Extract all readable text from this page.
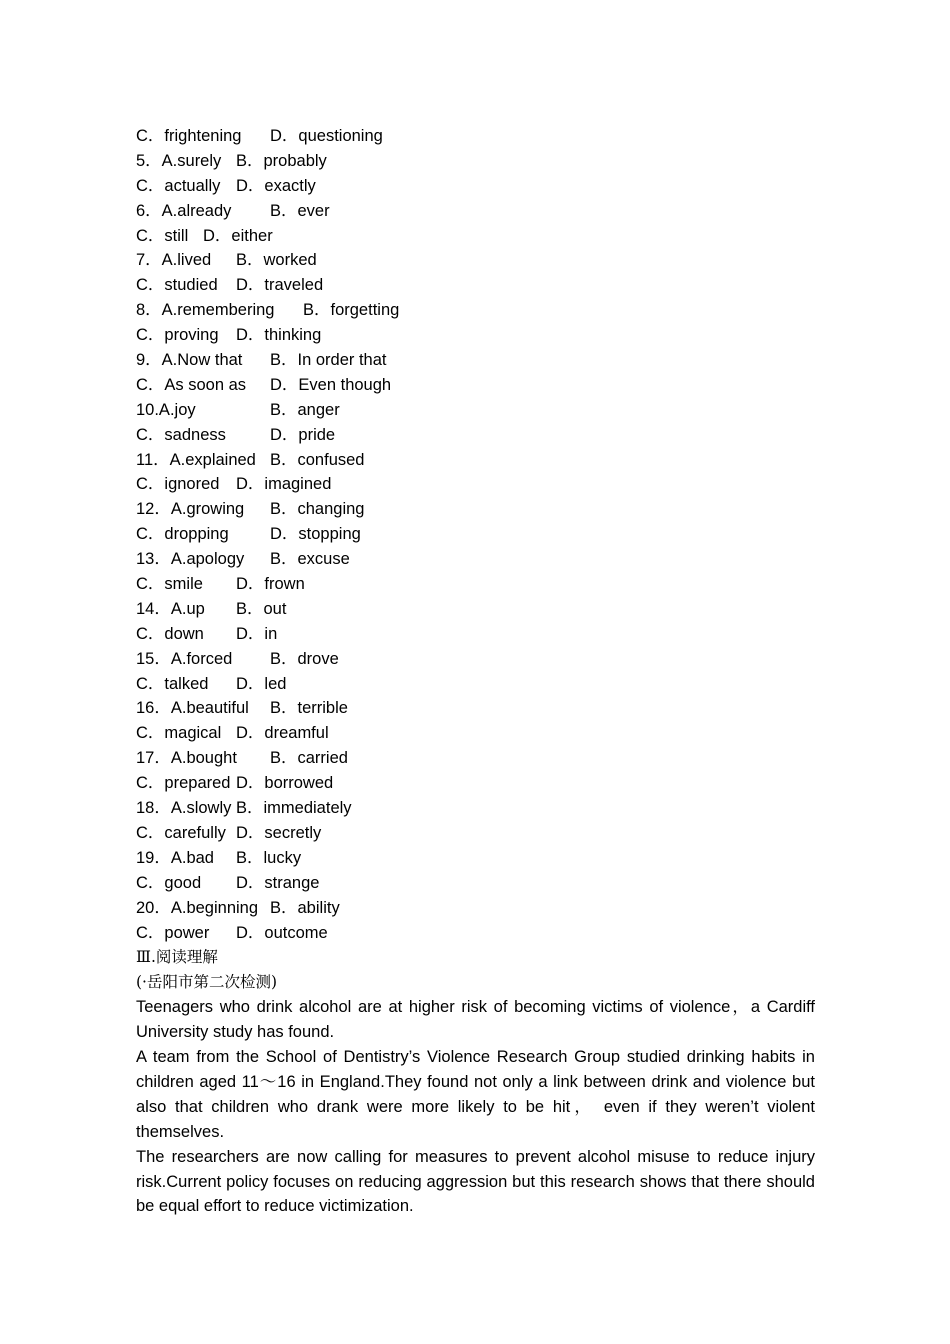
C．frightening D．questioning
5．A.surely B．probably
C．actually D．exactly
6．A.already B．ever
C．still D．either
7．A.lived B．worked
C．studied D．traveled
8．A.remembering B．forgetting
C．proving D．thinking
9．A.Now that B．In order that
C．As soon as D．Even though
10.A.joy	B．anger
C．sadness	D．pride
11．A.explained B．confused
C．ignored D．imagined
12．A.growing B．changing
C．dropping	D．stopping
13．A.apology B．excuse
C．smile D．frown
14．A.up B．out
C．down D．in
15．A.forced B．drove
C．talked D．led
16．A.beautiful B．terrible
C．magical D．dreamful
17．A.bought B．carried
C．prepared D．borrowed
18．A.slowly B．immediately
C．carefully D．secretly
19．A.bad B．lucky
C．good D．strange
20．A.beginning B．ability
C．power D．outcome
Ⅲ.阅读理解
(·岳阳市第二次检测)

Teenagers who drink alcohol are at higher risk of becoming victims of violence，a Cardiff University study has found.

A team from the School of Dentistry’s Violence Research Group studied drinking habits in children aged 11～16 in England.They found not only a link between drink and violence but also that children who drank were more likely to be hit， even if they weren’t violent themselves.

The researchers are now calling for measures to prevent alcohol misuse to reduce injury risk.Current policy focuses on reducing aggression but this research shows that there should be equal effort to reduce victimization.
